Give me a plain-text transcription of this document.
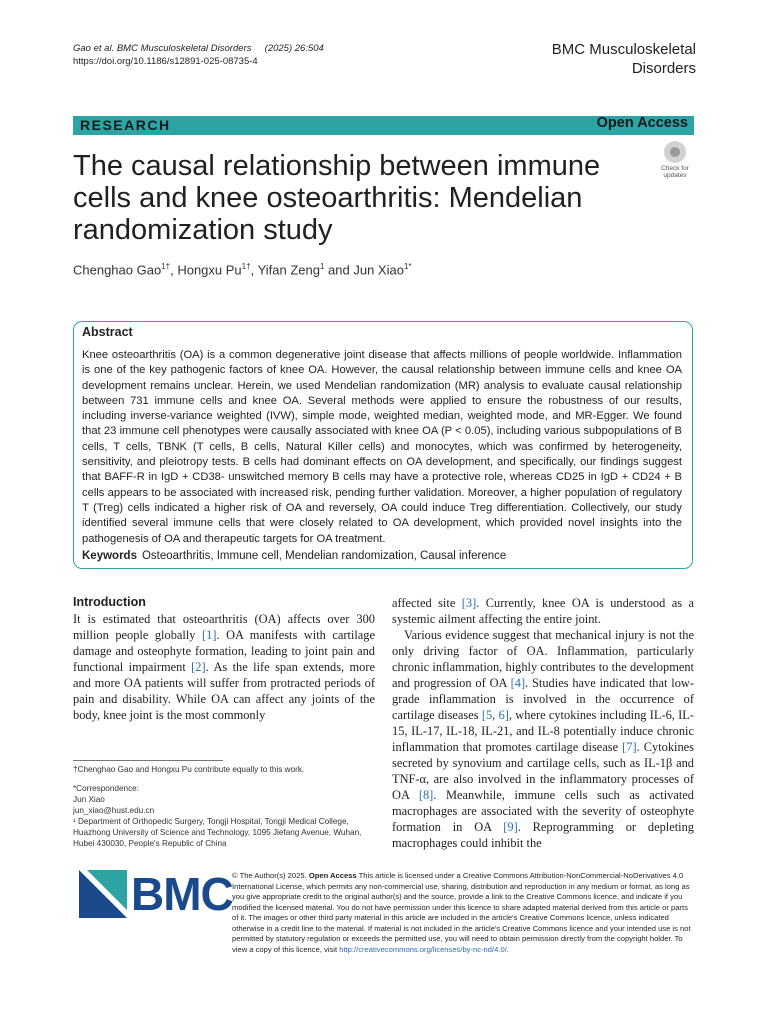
Gao et al. BMC Musculoskeletal Disorders (2025) 26:504
https://doi.org/10.1186/s12891-025-08735-4
BMC Musculoskeletal
Disorders
RESEARCH	Open Access
The causal relationship between immune cells and knee osteoarthritis: Mendelian randomization study
Check for
updates
Chenghao Gao$^{1\dagger}$, Hongxu $Pu^{1\dagger}$, Yifan Zeng$^1$ and Jun Xiao$^{1*}$
Abstract
Knee osteoarthritis (OA) is a common degenerative joint disease that affects millions of people worldwide. Inflammation is one of the key pathogenic factors of knee OA. However, the causal relationship between immune cells and knee OA development remains unclear. Herein, we used Mendelian randomization (MR) analysis to evaluate causal relationship between 731 immune cells and knee OA. Several methods were applied to ensure the robustness of our results, including inverse-variance weighted (IVW), simple mode, weighted median, weighted mode, and MR-Egger. We found that 23 immune cell phenotypes were causally associated with knee OA (P < 0.05), including various subpopulations of B cells, T cells, TBNK (T cells, B cells, Natural Killer cells) and monocytes, which was confirmed by heterogeneity, sensitivity, and pleiotropy tests. B cells had dominant effects on OA development, and specifically, our findings suggest that BAFF-R in IgD + CD38- unswitched memory B cells may have a protective role, whereas CD25 in IgD + CD24 + B cells appears to be associated with increased risk, pending further validation. Moreover, a higher population of regulatory T (Treg) cells indicated a higher risk of OA and reversely, OA could induce Treg differentiation. Collectively, our study identified several immune cells that were closely related to OA development, which provided novel insights into the pathogenesis of OA and therapeutic targets for OA treatment.
Keywords Osteoarthritis, Immune cell, Mendelian randomization, Causal inference
Introduction
It is estimated that osteoarthritis (OA) affects over 300 million people globally [1]. OA manifests with cartilage damage and osteophyte formation, leading to joint pain and functional impairment [2]. As the life span extends, more and more OA patients will suffer from protracted periods of pain and disability. While OA can affect any joints of the body, knee joint is the most commonly

affected site [3]. Currently, knee OA is understood as a systemic ailment affecting the entire joint.

Various evidence suggest that mechanical injury is not the only driving factor of OA. Inflammation, particularly chronic inflammation, highly contributes to the development and progression of OA [4]. Studies have indicated that low-grade inflammation is involved in the occurrence of cartilage diseases [5, 6], where cytokines including IL-6, IL-15, IL-17, IL-18, IL-21, and IL-8 potentially induce chronic inflammation that promotes cartilage disease [7]. Cytokines secreted by synovium and cartilage cells, such as IL-1β and TNF-α, are also involved in the inflammatory processes of OA [8]. Meanwhile, immune cells such as activated macrophages are associated with the severity of osteophyte formation in OA [9]. Reprogramming or depleting macrophages could inhibit the

†Chenghao Gao and Hongxu Pu contribute equally to this work.
*Correspondence:
Jun Xiao
jun_xiao@hust.edu.cn
¹ Department of Orthopedic Surgery, Tongji Hospital, Tongji Medical College, Huazhong University of Science and Technology, 1095 Jiefang Avenue, Wuhan, Hubei 430030, People's Republic of China
BMC © The Author(s) 2025. Open Access This article is licensed under a Creative Commons Attribution-NonCommercial-NoDerivatives 4.0 International License, which permits any non-commercial use, sharing, distribution and reproduction in any medium or format, as long as you give appropriate credit to the original author(s) and the source, provide a link to the Creative Commons licence, and indicate if you modified the licensed material. You do not have permission under this licence to share adapted material derived from this article or parts of it. The images or other third party material in this article are included in the article's Creative Commons licence, unless indicated otherwise in a credit line to the material. If material is not included in the article's Creative Commons licence and your intended use is not permitted by statutory regulation or exceeds the permitted use, you will need to obtain permission directly from the copyright holder. To view a copy of this licence, visit http://creativecommons.org/licenses/by-nc-nd/4.0/.
